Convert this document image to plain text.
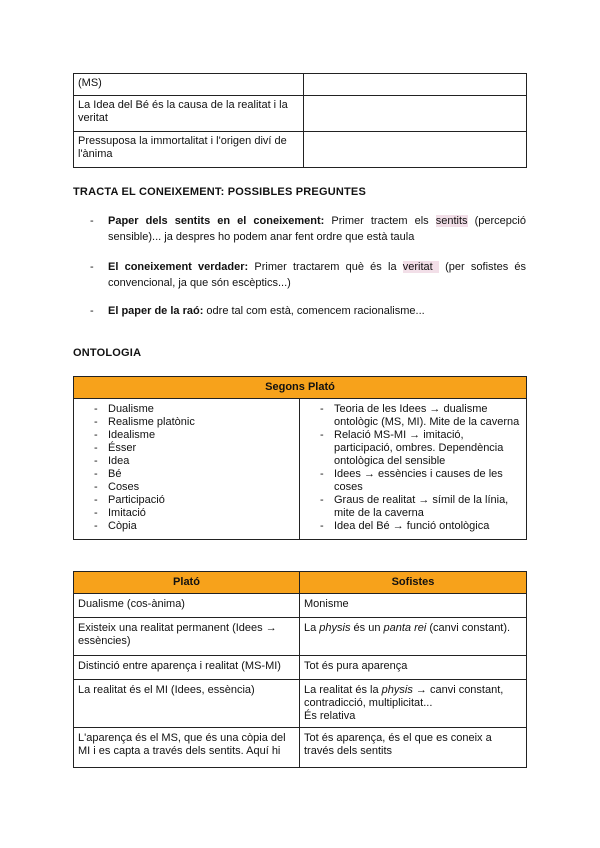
(MS)	
La Idea del Bé és la causa de la realitat i la veritat	
Pressuposa la immortalitat i l'origen diví de l'ànima	
TRACTA EL CONEIXEMENT: POSSIBLES PREGUNTES
- Paper dels sentits en el coneixement: Primer tractem els sentits (percepció sensible)... ja despres ho podem anar fent ordre que està taula
- El coneixement verdader: Primer tractarem què és la veritat  (per sofistes és convencional, ja que són escèptics...)
- El paper de la raó: odre tal com està, comencem racionalisme...
ONTOLOGIA
Segons Plató

- Dualisme
- Realisme platònic
- Idealisme
- Ésser
- Idea
- Bé
- Coses
- Participació
- Imitació
- Còpia

- Teoria de les Idees → dualisme ontològic (MS, MI). Mite de la caverna
- Relació MS-MI → imitació, participació, ombres. Dependència ontològica del sensible
- Idees → essències i causes de les coses
- Graus de realitat → símil de la línia, mite de la caverna
- Idea del Bé → funció ontològica
Plató	Sofistes
Dualisme (cos-ànima)	Monisme
Existeix una realitat permanent (Idees → essències)	La physis és un panta rei (canvi constant).
Distinció entre aparença i realitat (MS-MI)	Tot és pura aparença
La realitat és el MI (Idees, essència)	La realitat és la physis → canvi constant, contradicció, multiplicitat...
És relativa
L'aparença és el MS, que és una còpia del MI i es capta a través dels sentits. Aquí hi	Tot és aparença, és el que es coneix a través dels sentits
